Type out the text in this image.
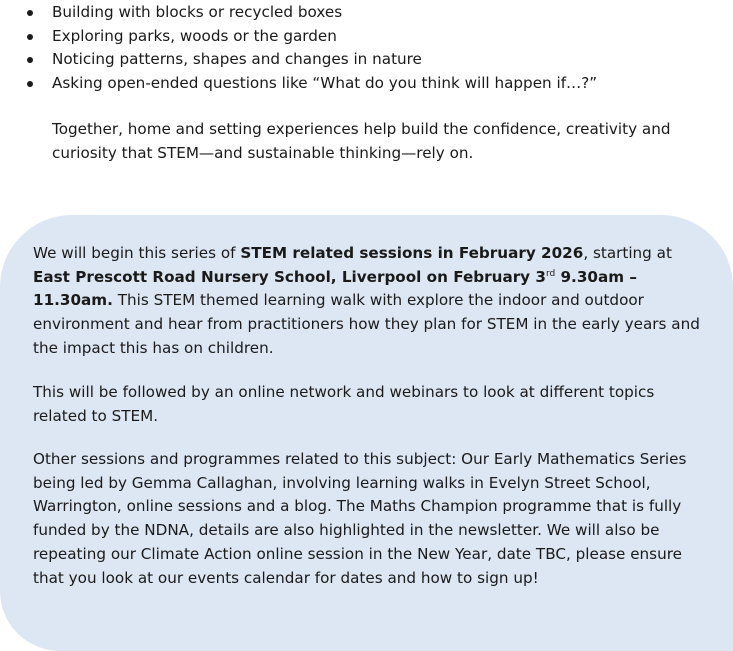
Building with blocks or recycled boxes
Exploring parks, woods or the garden
Noticing patterns, shapes and changes in nature
Asking open-ended questions like “What do you think will happen if…?”

Together, home and setting experiences help build the confidence, creativity and curiosity that STEM—and sustainable thinking—rely on.

We will begin this series of STEM related sessions in February 2026, starting at East Prescott Road Nursery School, Liverpool on February 3rd 9.30am – 11.30am. This STEM themed learning walk with explore the indoor and outdoor environment and hear from practitioners how they plan for STEM in the early years and the impact this has on children.

This will be followed by an online network and webinars to look at different topics related to STEM.

Other sessions and programmes related to this subject: Our Early Mathematics Series being led by Gemma Callaghan, involving learning walks in Evelyn Street School, Warrington, online sessions and a blog. The Maths Champion programme that is fully funded by the NDNA, details are also highlighted in the newsletter. We will also be repeating our Climate Action online session in the New Year, date TBC, please ensure that you look at our events calendar for dates and how to sign up!
